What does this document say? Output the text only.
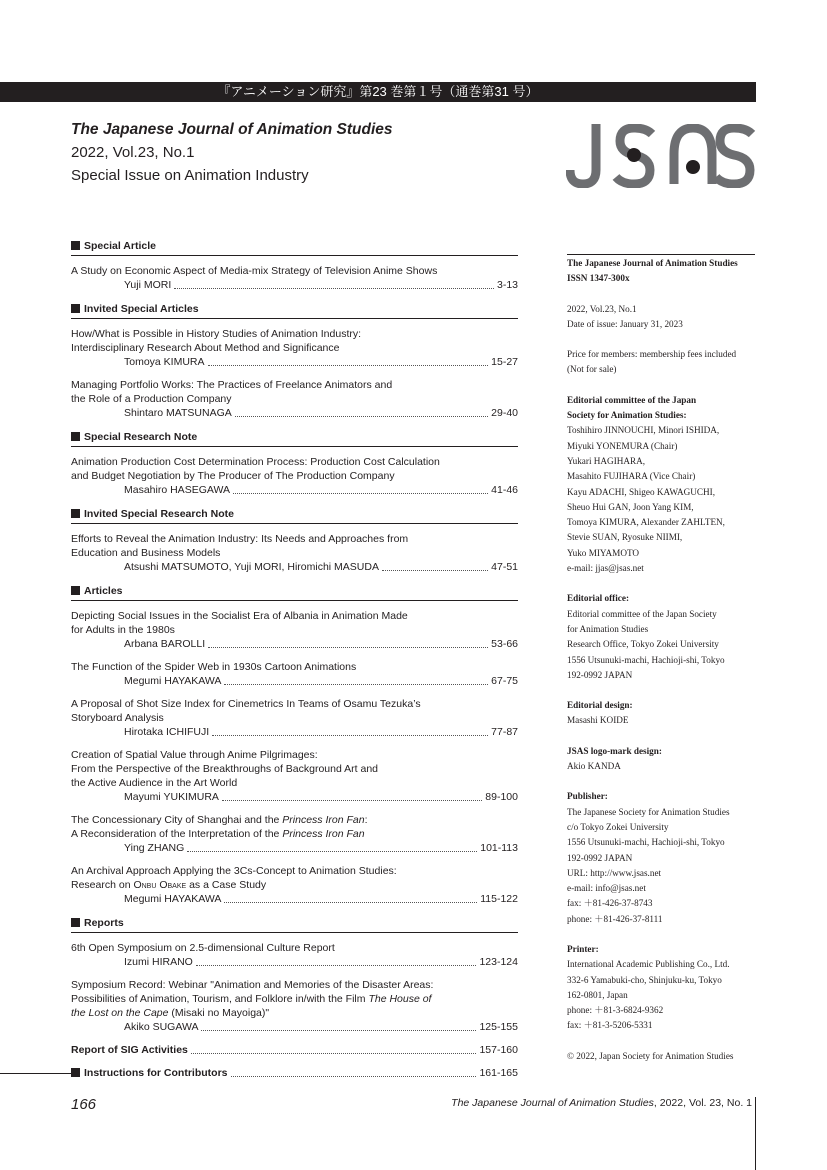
『アニメーション研究』第23 巻第１号（通巻第31 号）

The Japanese Journal of Animation Studies

2022, Vol.23, No.1

Special Issue on Animation Industry

Special Article
A Study on Economic Aspect of Media-mix Strategy of Television Anime Shows
Yuji MORI	3-13
Invited Special Articles
How/What is Possible in History Studies of Animation Industry:
Interdisciplinary Research About Method and Significance
Tomoya KIMURA	15-27
Managing Portfolio Works: The Practices of Freelance Animators and
the Role of a Production Company
Shintaro MATSUNAGA	29-40
Special Research Note
Animation Production Cost Determination Process: Production Cost Calculation
and Budget Negotiation by The Producer of The Production Company
Masahiro HASEGAWA	41-46
Invited Special Research Note
Efforts to Reveal the Animation Industry: Its Needs and Approaches from
Education and Business Models
Atsushi MATSUMOTO, Yuji MORI, Hiromichi MASUDA	47-51
Articles
Depicting Social Issues in the Socialist Era of Albania in Animation Made
for Adults in the 1980s
Arbana BAROLLI	53-66
The Function of the Spider Web in 1930s Cartoon Animations
Megumi HAYAKAWA	67-75
A Proposal of Shot Size Index for Cinemetrics In Teams of Osamu Tezuka’s
Storyboard Analysis
Hirotaka ICHIFUJI	77-87
Creation of Spatial Value through Anime Pilgrimages:
From the Perspective of the Breakthroughs of Background Art and
the Active Audience in the Art World
Mayumi YUKIMURA	89-100
The Concessionary City of Shanghai and the Princess Iron Fan:
A Reconsideration of the Interpretation of the Princess Iron Fan
Ying ZHANG	101-113
An Archival Approach Applying the 3Cs-Concept to Animation Studies:
Research on Onbu Obake as a Case Study
Megumi HAYAKAWA	115-122
Reports
6th Open Symposium on 2.5-dimensional Culture Report
Izumi HIRANO	123-124
Symposium Record: Webinar "Animation and Memories of the Disaster Areas:
Possibilities of Animation, Tourism, and Folklore in/with the Film The House of
the Lost on the Cape (Misaki no Mayoiga)"
Akiko SUGAWA	125-155
Report of SIG Activities	157-160
Instructions for Contributors	161-165

The Japanese Journal of Animation Studies
ISSN 1347-300x

2022, Vol.23, No.1
Date of issue: January 31, 2023

Price for members: membership fees included
(Not for sale)

Editorial committee of the Japan
Society for Animation Studies:
Toshihiro JINNOUCHI, Minori ISHIDA,
Miyuki YONEMURA (Chair)
Yukari HAGIHARA,
Masahito FUJIHARA (Vice Chair)
Kayu ADACHI, Shigeo KAWAGUCHI,
Sheuo Hui GAN, Joon Yang KIM,
Tomoya KIMURA, Alexander ZAHLTEN,
Stevie SUAN, Ryosuke NIIMI,
Yuko MIYAMOTO
e-mail: jjas@jsas.net

Editorial office:
Editorial committee of the Japan Society
for Animation Studies
Research Office, Tokyo Zokei University
1556 Utsunuki-machi, Hachioji-shi, Tokyo
192-0992 JAPAN

Editorial design:
Masashi KOIDE

JSAS logo-mark design:
Akio KANDA

Publisher:
The Japanese Society for Animation Studies
c/o Tokyo Zokei University
1556 Utsunuki-machi, Hachioji-shi, Tokyo
192-0992 JAPAN
URL: http://www.jsas.net
e-mail: info@jsas.net
fax: ＋81-426-37-8743
phone: ＋81-426-37-8111

Printer:
International Academic Publishing Co., Ltd.
332-6 Yamabuki-cho, Shinjuku-ku, Tokyo
162-0801, Japan
phone: ＋81-3-6824-9362
fax: ＋81-3-5206-5331

© 2022, Japan Society for Animation Studies

166	The Japanese Journal of Animation Studies, 2022, Vol. 23, No. 1
